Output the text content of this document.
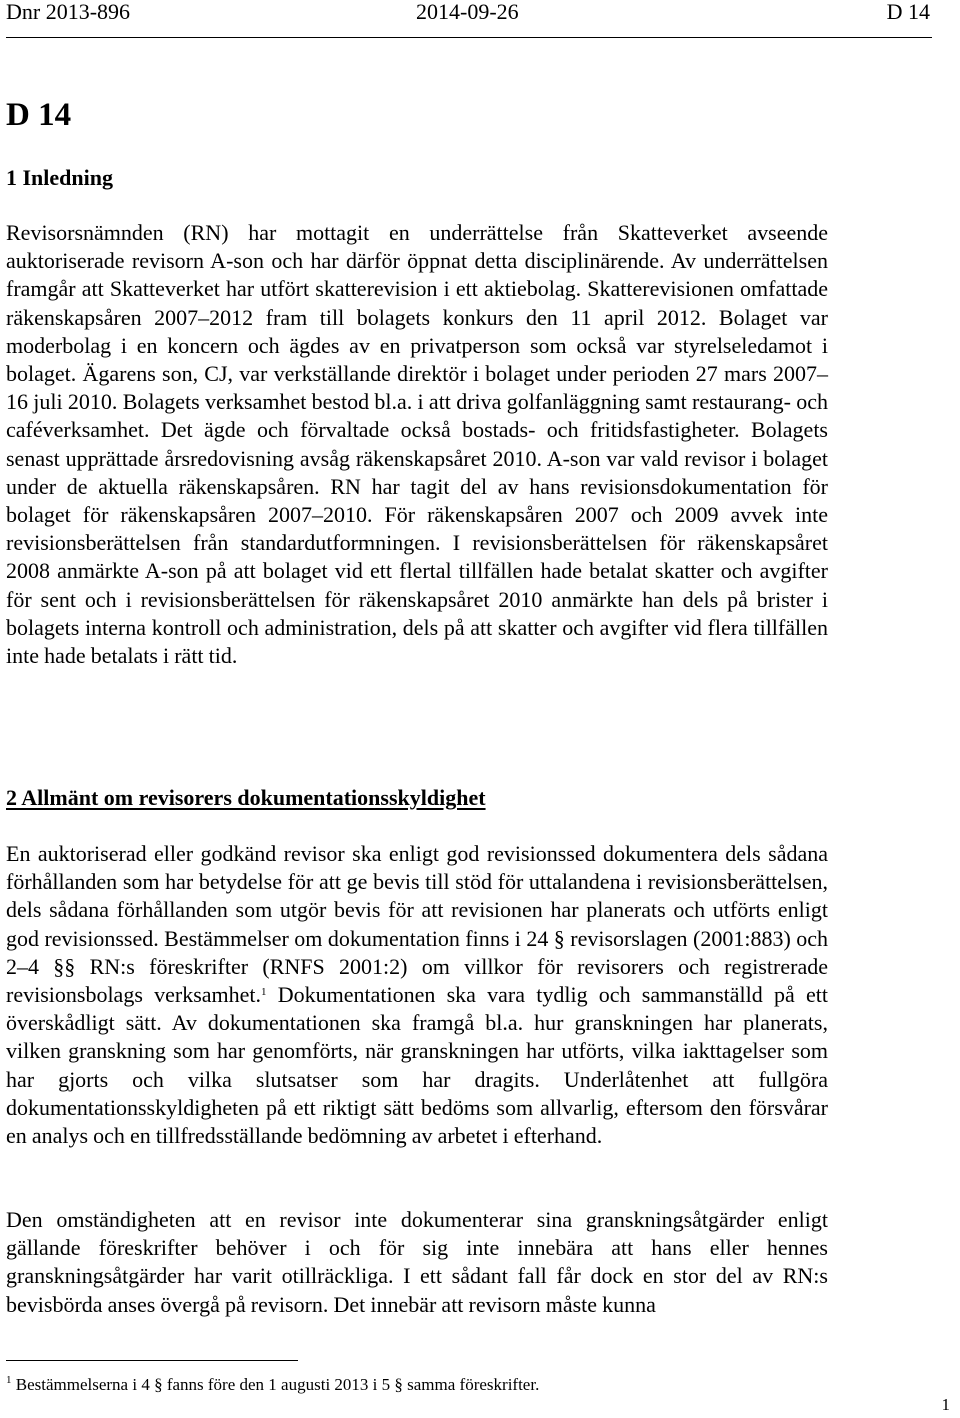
Dnr 2013-896	2014-09-26	D 14
D 14
1 Inledning

Revisorsnämnden (RN) har mottagit en underrättelse från Skatteverket avseende auktoriserade revisorn A-son och har därför öppnat detta disciplinärende. Av underrättelsen framgår att Skatteverket har utfört skatterevision i ett aktiebolag. Skatterevisionen omfattade räkenskapsåren 2007–2012 fram till bolagets konkurs den 11 april 2012. Bolaget var moderbolag i en koncern och ägdes av en privatperson som också var styrelseledamot i bolaget. Ägarens son, CJ, var verkställande direktör i bolaget under perioden 27 mars 2007–16 juli 2010. Bolagets verksamhet bestod bl.a. i att driva golfanläggning samt restaurang- och caféverksamhet. Det ägde och förvaltade också bostads- och fritidsfastigheter. Bolagets senast upprättade årsredovisning avsåg räkenskapsåret 2010. A-son var vald revisor i bolaget under de aktuella räkenskapsåren. RN har tagit del av hans revisionsdokumentation för bolaget för räkenskapsåren 2007–2010. För räkenskapsåren 2007 och 2009 avvek inte revisionsberättelsen från standardutformningen. I revisionsberättelsen för räkenskapsåret 2008 anmärkte A-son på att bolaget vid ett flertal tillfällen hade betalat skatter och avgifter för sent och i revisionsberättelsen för räkenskapsåret 2010 anmärkte han dels på brister i bolagets interna kontroll och administration, dels på att skatter och avgifter vid flera tillfällen inte hade betalats i rätt tid.

2 Allmänt om revisorers dokumentationsskyldighet

En auktoriserad eller godkänd revisor ska enligt god revisionssed dokumentera dels sådana förhållanden som har betydelse för att ge bevis till stöd för uttalandena i revisionsberättelsen, dels sådana förhållanden som utgör bevis för att revisionen har planerats och utförts enligt god revisionssed. Bestämmelser om dokumentation finns i 24 § revisorslagen (2001:883) och 2–4 §§ RN:s föreskrifter (RNFS 2001:2) om villkor för revisorers och registrerade revisionsbolags verksamhet.$^1$ Dokumentationen ska vara tydlig och sammanställd på ett överskådligt sätt. Av dokumentationen ska framgå bl.a. hur granskningen har planerats, vilken granskning som har genomförts, när granskningen har utförts, vilka iakttagelser som har gjorts och vilka slutsatser som har dragits. Underlåtenhet att fullgöra dokumentationsskyldigheten på ett riktigt sätt bedöms som allvarlig, eftersom den försvårar en analys och en tillfredsställande bedömning av arbetet i efterhand.

Den omständigheten att en revisor inte dokumenterar sina granskningsåtgärder enligt gällande föreskrifter behöver i och för sig inte innebära att hans eller hennes granskningsåtgärder har varit otillräckliga. I ett sådant fall får dock en stor del av RN:s bevisbörda anses övergå på revisorn. Det innebär att revisorn måste kunna

$^1$ Bestämmelserna i 4 § fanns före den 1 augusti 2013 i 5 § samma föreskrifter.

1
